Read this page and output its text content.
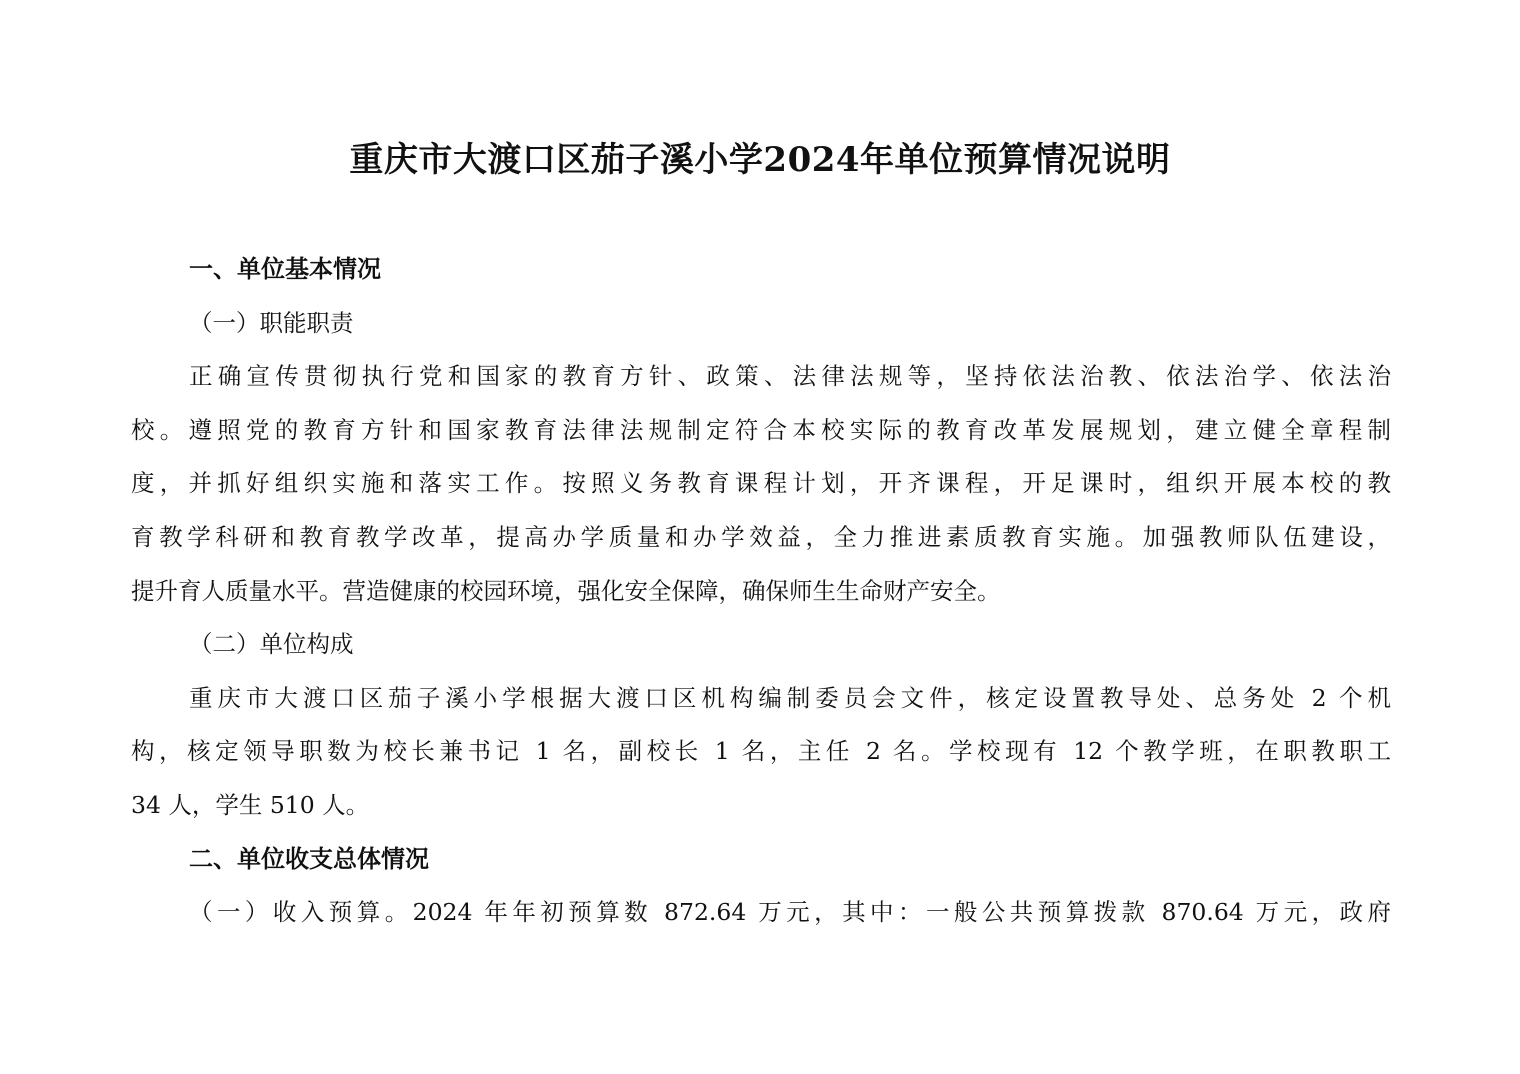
重庆市大渡口区茄子溪小学2024年单位预算情况说明
一、单位基本情况
（一）职能职责
正确宣传贯彻执行党和国家的教育方针、政策、法律法规等，坚持依法治教、依法治学、依法治
校。遵照党的教育方针和国家教育法律法规制定符合本校实际的教育改革发展规划，建立健全章程制
度，并抓好组织实施和落实工作。按照义务教育课程计划，开齐课程，开足课时，组织开展本校的教
育教学科研和教育教学改革，提高办学质量和办学效益，全力推进素质教育实施。加强教师队伍建设，
提升育人质量水平。营造健康的校园环境，强化安全保障，确保师生生命财产安全。
（二）单位构成
重庆市大渡口区茄子溪小学根据大渡口区机构编制委员会文件，核定设置教导处、总务处 2 个机
构，核定领导职数为校长兼书记 1 名，副校长 1 名，主任 2 名。学校现有 12 个教学班，在职教职工
34 人，学生 510 人。
二、单位收支总体情况
（一）收入预算。2024 年年初预算数 872.64 万元，其中：一般公共预算拨款 870.64 万元，政府
